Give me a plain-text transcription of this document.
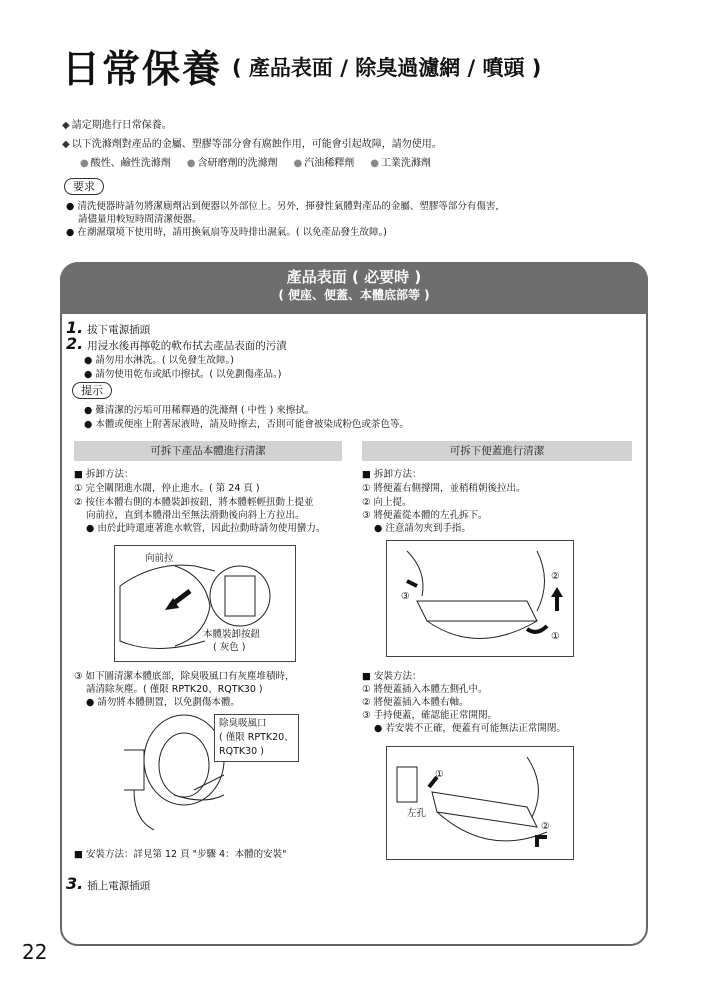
日常保養 ( 產品表面 / 除臭過濾網 / 噴頭 )
◆ 請定期進行日常保養。
◆ 以下洗滌劑對產品的金屬、塑膠等部分會有腐蝕作用，可能會引起故障，請勿使用。
● 酸性、鹼性洗滌劑 ● 含研磨劑的洗滌劑 ● 汽油稀釋劑 ● 工業洗滌劑
要求
● 清洗便器時請勿將潔廁劑沾到便器以外部位上。另外，揮發性氣體對產品的金屬、塑膠等部分有傷害，
請儘量用較短時間清潔便器。
● 在潮濕環境下使用時，請用換氣扇等及時排出濕氣。( 以免產品發生故障。)
產品表面 ( 必要時 )
( 便座、便蓋、本體底部等 )
1. 拔下電源插頭
2. 用浸水後再擰乾的軟布拭去產品表面的污漬
● 請勿用水淋洗。( 以免發生故障。)
● 請勿使用乾布或紙巾擦拭。( 以免劃傷產品。)
提示
● 難清潔的污垢可用稀釋過的洗滌劑 ( 中性 ) 來擦拭。
● 本體或便座上附著尿液時，請及時擦去，否則可能會被染成粉色或茶色等。
可拆下產品本體進行清潔
■ 拆卸方法：
① 完全關閉進水閥，停止進水。( 第 24 頁 )
② 按住本體右側的本體裝卸按鈕，將本體輕輕扭動上提並
向前拉，直到本體滑出至無法滑動後向斜上方拉出。
● 由於此時還連著進水軟管，因此拉動時請勿使用蠻力。
向前拉
本體裝卸按鈕
( 灰色 )
③ 如下圖清潔本體底部，除臭吸風口有灰塵堆積時，
請清除灰塵。( 僅限 RPTK20、RQTK30 )
● 請勿將本體側置，以免劃傷本體。
除臭吸風口
( 僅限 RPTK20、
RQTK30 )
■ 安裝方法：詳見第 12 頁 "步驟 4：本體的安裝"
3. 插上電源插頭
可拆下便蓋進行清潔
■ 拆卸方法：
① 將便蓋右側撐開，並稍稍朝後拉出。
② 向上提。
③ 將便蓋從本體的左孔拆下。
● 注意請勿夾到手指。
③
②
①
■ 安裝方法：
① 將便蓋插入本體左側孔中。
② 將便蓋插入本體右軸。
③ 手持便蓋，確認能正常開閉。
● 若安裝不正確，便蓋有可能無法正常開閉。
①
左孔
②
22
